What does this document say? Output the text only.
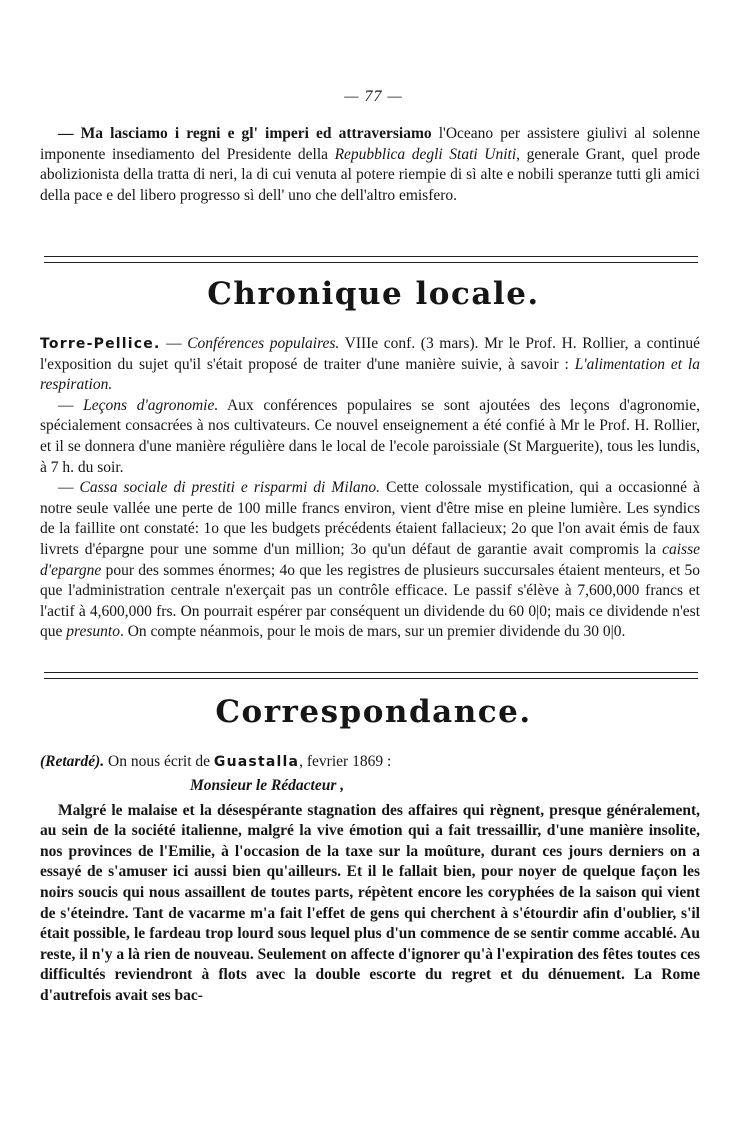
— 77 —

— Ma lasciamo i regni e gl' imperi ed attraversiamo l'Oceano per assistere giulivi al solenne imponente insediamento del Presidente della Repubblica degli Stati Uniti, generale Grant, quel prode abolizionista della tratta di neri, la di cui venuta al potere riempie di sì alte e nobili speranze tutti gli amici della pace e del libero progresso sì dell' uno che dell'altro emisfero.

Chronique locale.

Torre-Pellice. — Conférences populaires. VIIIe conf. (3 mars). Mr le Prof. H. Rollier, a continué l'exposition du sujet qu'il s'était proposé de traiter d'une manière suivie, à savoir : L'alimentation et la respiration.

— Leçons d'agronomie. Aux conférences populaires se sont ajoutées des leçons d'agronomie, spécialement consacrées à nos cultivateurs. Ce nouvel enseignement a été confié à Mr le Prof. H. Rollier, et il se donnera d'une manière régulière dans le local de l'ecole paroissiale (St Marguerite), tous les lundis, à 7 h. du soir.

— Cassa sociale di prestiti e risparmi di Milano. Cette colossale mystification, qui a occasionné à notre seule vallée une perte de 100 mille francs environ, vient d'être mise en pleine lumière. Les syndics de la faillite ont constaté: 1o que les budgets précédents étaient fallacieux; 2o que l'on avait émis de faux livrets d'épargne pour une somme d'un million; 3o qu'un défaut de garantie avait compromis la caisse d'epargne pour des sommes énormes; 4o que les registres de plusieurs succursales étaient menteurs, et 5o que l'administration centrale n'exerçait pas un contrôle efficace. Le passif s'élève à 7,600,000 francs et l'actif à 4,600,000 frs. On pourrait espérer par conséquent un dividende du 60 0|0; mais ce dividende n'est que presunto. On compte néanmois, pour le mois de mars, sur un premier dividende du 30 0|0.

Correspondance.

(Retardé). On nous écrit de Guastalla, fevrier 1869 :

Monsieur le Rédacteur ,

Malgré le malaise et la désespérante stagnation des affaires qui règnent, presque généralement, au sein de la société italienne, malgré la vive émotion qui a fait tressaillir, d'une manière insolite, nos provinces de l'Emilie, à l'occasion de la taxe sur la moûture, durant ces jours derniers on a essayé de s'amuser ici aussi bien qu'ailleurs. Et il le fallait bien, pour noyer de quelque façon les noirs soucis qui nous assaillent de toutes parts, répètent encore les coryphées de la saison qui vient de s'éteindre. Tant de vacarme m'a fait l'effet de gens qui cherchent à s'étourdir afin d'oublier, s'il était possible, le fardeau trop lourd sous lequel plus d'un commence de se sentir comme accablé. Au reste, il n'y a là rien de nouveau. Seulement on affecte d'ignorer qu'à l'expiration des fêtes toutes ces difficultés reviendront à flots avec la double escorte du regret et du dénuement. La Rome d'autrefois avait ses bac-
